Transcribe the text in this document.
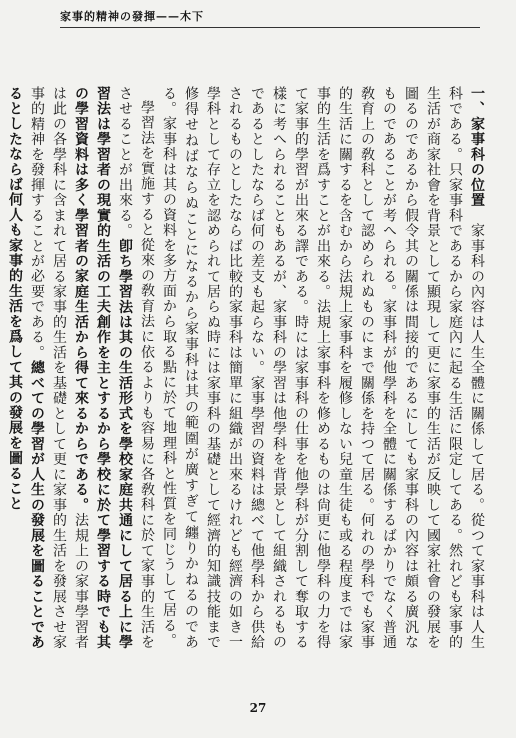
家事的精神の發揮——木下

一、家事科の位置　家事科の內容は人生全體に關係して居る。從つて家事科は人生科である。只家事科であるから家庭內に起る生活に限定してある。然れども家事的生活が商家社會を背景として顯現して更に家事的生活が反映して國家社會の發展を圖るのであるから假令其の關係は間接的であるにしても家事科の內容は頗る廣汎なものであることが考へられる。家事科が他學科を全體に關係するばかりでなく普通敎育上の敎科として認められぬものにまで關係を持つて居る。何れの學科でも家事的生活に關するを含むから法規上家事科を履修しない兒童生徒も或る程度までは家事的生活を爲すことが出來る。法規上家事科を修めるものは尙更に他學科の力を得て家事的學習が出來る譯である。時には家事科の仕事を他學科が分割して奪取する樣に考へられることもあるが、家事科の學習は他學科を背景として組織されるものであるとしたならば何の差支も起らない。家事學習の資料は總べて他學科から供給されるものとしたならば比較的家事科は簡單に組織が出來るけれども經濟の如き一學科として存立を認められて居らぬ時には家事科の基礎として經濟的知識技能まで修得せねばならぬことになるから家事科は其の範圍が廣すぎて纏りかねるのである。家事科は其の資料を多方面から取る點に於て地理科と性質を同じうして居る。

學習法を實施すると從來の敎育法に依るよりも容易に各敎科に於て家事的生活をさせることが出來る。卽ち學習法は其の生活形式を學校家庭共通にして居る上に學習法は學習者の現實的生活の工夫創作を主とするから學校に於て學習する時でも其の學習資料は多く學習者の家庭生活から得て來るからである。法規上の家事學習者は此の各學科に含まれて居る家事的生活を基礎として更に家事的生活を發展させ家事的精神を發揮することが必要である。總べての學習が人生の發展を圖ることであるとしたならば何人も家事的生活を爲して其の發展を圖ること

27
